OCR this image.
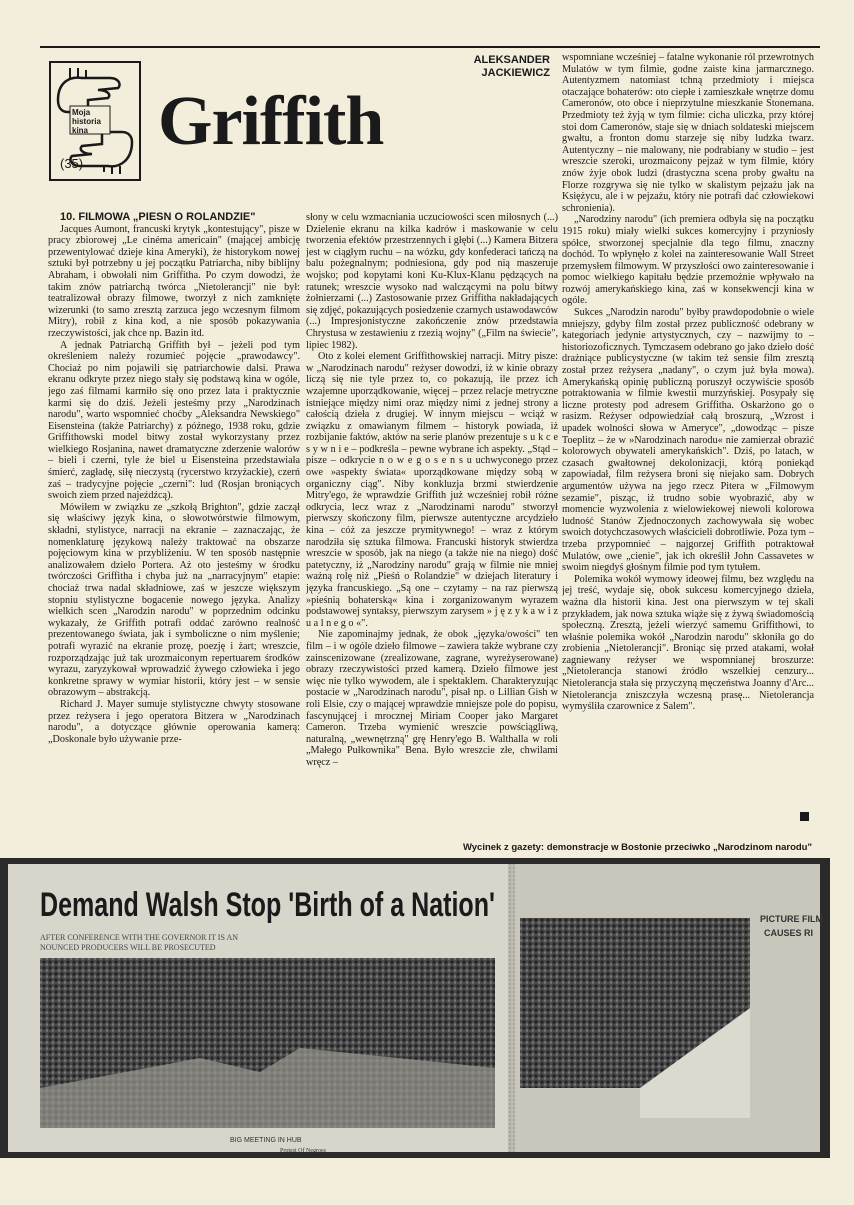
Moja
historia
kina
(35)
Griffith
ALEKSANDER
JACKIEWICZ

10. FILMOWA „PIEŚŃ O ROLANDZIE"

Jacques Aumont, francuski krytyk „kontestujący", pisze w pracy zbiorowej „Le cinéma americain" (mającej ambicję przewentylować dzieje kina Ameryki), że historykom nowej sztuki był potrzebny u jej początku Patriarcha, niby biblijny Abraham, i obwołali nim Griffitha. Po czym dowodzi, że takim znów patriarchą twórca „Nietolerancji" nie był: teatralizował obrazy filmowe, tworzył z nich zamknięte wizerunki (to samo zresztą zarzuca jego wczesnym filmom Mitry), robił z kina kod, a nie sposób pokazywania rzeczywistości, jak chce np. Bazin itd.

A jednak Patriarchą Griffith był – jeżeli pod tym określeniem należy rozumieć pojęcie „prawodawcy". Chociaż po nim pojawili się patriarchowie dalsi. Prawa ekranu odkryte przez niego stały się podstawą kina w ogóle, jego zaś filmami karmiło się ono przez lata i praktycznie karmi się do dziś. Jeżeli jesteśmy przy „Narodzinach narodu", warto wspomnieć choćby „Aleksandra Newskiego" Eisensteina (także Patriarchy) z późnego, 1938 roku, gdzie Griffithowski model bitwy został wykorzystany przez wielkiego Rosjanina, nawet dramatyczne zderzenie walorów – bieli i czerni, tyle że biel u Eisensteina przedstawiała śmierć, zagładę, siłę nieczystą (rycerstwo krzyżackie), czerń zaś – tradycyjne pojęcie „czerni": lud (Rosjan broniących swoich ziem przed najeźdźcą).

Mówiłem w związku ze „szkołą Brighton", gdzie zaczął się właściwy język kina, o słowotwórstwie filmowym, składni, stylistyce, narracji na ekranie – zaznaczając, że nomenklaturę językową należy traktować na obszarze pojęciowym kina w przybliżeniu. W ten sposób następnie analizowałem dzieło Portera. Aż oto jesteśmy w środku twórczości Griffitha i chyba już na „narracyjnym" etapie: chociaż trwa nadal składniowe, zaś w jeszcze większym stopniu stylistyczne bogacenie nowego języka. Analizy wielkich scen „Narodzin narodu" w poprzednim odcinku wykazały, że Griffith potrafi oddać zarówno realność prezentowanego świata, jak i symboliczne o nim myślenie; potrafi wyrazić na ekranie prozę, poezję i żart; wreszcie, rozporządzając już tak urozmaiconym repertuarem środków wyrazu, zaryzykował wprowadzić żywego człowieka i jego konkretne sprawy w wymiar historii, który jest – w sensie obrazowym – abstrakcją.

Richard J. Mayer sumuje stylistyczne chwyty stosowane przez reżysera i jego operatora Bitzera w „Narodzinach narodu", a dotyczące głównie operowania kamerą: „Doskonale było używanie prze-

słony w celu wzmacniania uczuciowości scen miłosnych (...) Dzielenie ekranu na kilka kadrów i maskowanie w celu tworzenia efektów przestrzennych i głębi (...) Kamera Bitzera jest w ciągłym ruchu – na wózku, gdy konfederaci tańczą na balu pożegnalnym; podniesiona, gdy pod nią maszeruje wojsko; pod kopytami koni Ku-Klux-Klanu pędzących na ratunek; wreszcie wysoko nad walczącymi na polu bitwy żołnierzami (...) Zastosowanie przez Griffitha nakładających się zdjęć, pokazujących posiedzenie czarnych ustawodawców (...) Impresjonistyczne zakończenie znów przedstawia Chrystusa w zestawieniu z rzezią wojny" („Film na świecie", lipiec 1982).

Oto z kolei element Griffithowskiej narracji. Mitry pisze: w „Narodzinach narodu" reżyser dowodzi, iż w kinie obrazy liczą się nie tyle przez to, co pokazują, ile przez ich wzajemne uporządkowanie, więcej – przez relacje metryczne istniejące między nimi oraz między nimi z jednej strony a całością dzieła z drugiej. W innym miejscu – wciąż w związku z omawianym filmem – historyk powiada, iż rozbijanie faktów, aktów na serie planów prezentuje s u k c e s y w n i e – podkreśla – pewne wybrane ich aspekty. „Stąd – pisze – odkrycie n o w e g o s e n s u uchwyconego przez owe »aspekty świata« uporządkowane między sobą w organiczny ciąg". Niby konkluzja brzmi stwierdzenie Mitry'ego, że wprawdzie Griffith już wcześniej robił różne odkrycia, lecz wraz z „Narodzinami narodu" stworzył pierwszy skończony film, pierwsze autentyczne arcydzieło kina – cóż za jeszcze prymitywnego! – wraz z którym narodziła się sztuka filmowa. Francuski historyk stwierdza wreszcie w sposób, jak na niego (a także nie na niego) dość patetyczny, iż „Narodziny narodu" grają w filmie nie mniej ważną rolę niż „Pieśń o Rolandzie" w dziejach literatury i języka francuskiego. „Są one – czytamy – na raz pierwszą »pieśnią bohaterską« kina i zorganizowanym wyrazem podstawowej syntaksy, pierwszym zarysem » j ę z y k a w i z u a l n e g o «".

Nie zapominajmy jednak, że obok „języka/owości" ten film – i w ogóle dzieło filmowe – zawiera także wybrane czy zainscenizowane (zrealizowane, zagrane, wyreżyserowane) obrazy rzeczywistości przed kamerą. Dzieło filmowe jest więc nie tylko wywodem, ale i spektaklem. Charakteryzując postacie w „Narodzinach narodu", pisał np. o Lillian Gish w roli Elsie, czy o mającej wprawdzie mniejsze pole do popisu, fascynującej i mrocznej Miriam Cooper jako Margaret Cameron. Trzeba wymienić wreszcie powściągliwą, naturalną, „wewnętrzną" grę Henry'ego B. Walthalla w roli „Małego Pułkownika" Bena. Było wreszcie złe, chwilami wręcz –

wspomniane wcześniej – fatalne wykonanie ról przewrotnych Mulatów w tym filmie, godne zaiste kina jarmarcznego. Autentyzmem natomiast tchną przedmioty i miejsca otaczające bohaterów: oto ciepłe i zamieszkałe wnętrze domu Cameronów, oto obce i nieprzytulne mieszkanie Stonemana. Przedmioty też żyją w tym filmie: cicha uliczka, przy której stoi dom Cameronów, staje się w dniach soldateski miejscem gwałtu, a fronton domu starzeje się niby ludzka twarz. Autentyczny – nie malowany, nie podrabiany w studio – jest wreszcie szeroki, urozmaicony pejzaż w tym filmie, który znów żyje obok ludzi (drastyczna scena proby gwałtu na Florze rozgrywa się nie tylko w skalistym pejzażu jak na Księżycu, ale i w pejzażu, który nie potrafi dać człowiekowi schronienia).

„Narodziny narodu" (ich premiera odbyła się na początku 1915 roku) miały wielki sukces komercyjny i przyniosły spółce, stworzonej specjalnie dla tego filmu, znaczny dochód. To wpłynęło z kolei na zainteresowanie Wall Street przemysłem filmowym. W przyszłości owo zainteresowanie i pomoc wielkiego kapitału będzie przemożnie wpływało na rozwój amerykańskiego kina, zaś w konsekwencji kina w ogóle.

Sukces „Narodzin narodu" byłby prawdopodobnie o wiele mniejszy, gdyby film został przez publiczność odebrany w kategoriach jedynie artystycznych, czy – nazwijmy to – historiozoficznych. Tymczasem odebrano go jako dzieło dość drażniące publicystyczne (w takim też sensie film zresztą został przez reżysera „nadany", o czym już była mowa). Amerykańską opinię publiczną poruszył oczywiście sposób potraktowania w filmie kwestii murzyńskiej. Posypały się liczne protesty pod adresem Griffitha. Oskarżono go o rasizm. Reżyser odpowiedział całą broszurą, „Wzrost i upadek wolności słowa w Ameryce", „dowodząc – pisze Toeplitz – że w »Narodzinach narodu« nie zamierzał obrazić kolorowych obywateli amerykańskich". Dziś, po latach, w czasach gwałtownej dekolonizacji, którą poniekąd zapowiadał, film reżysera broni się niejako sam. Dobrych argumentów używa na jego rzecz Pitera w „Filmowym sezamie", pisząc, iż trudno sobie wyobrazić, aby w momencie wyzwolenia z wielowiekowej niewoli kolorowa ludność Stanów Zjednoczonych zachowywała się wobec swoich dotychczasowych właścicieli dobrotliwie. Poza tym – trzeba przypomnieć – najgorzej Griffith potraktował Mulatów, owe „cienie", jak ich określił John Cassavetes w swoim niegdyś głośnym filmie pod tym tytułem.

Polemika wokół wymowy ideowej filmu, bez względu na jej treść, wydaje się, obok sukcesu komercyjnego dzieła, ważna dla historii kina. Jest ona pierwszym w tej skali przykładem, jak nowa sztuka wiąże się z żywą świadomością społeczną. Zresztą, jeżeli wierzyć samemu Griffithowi, to właśnie polemika wokół „Narodzin narodu" skłoniła go do zrobienia „Nietolerancji". Broniąc się przed atakami, wołał zagniewany reżyser we wspomnianej broszurze: „Nietolerancja stanowi źródło wszelkiej cenzury... Nietolerancja stała się przyczyną męczeństwa Joanny d'Arc... Nietolerancja zniszczyła wczesną prasę... Nietolerancja wymyśliła czarownice z Salem".

Wycinek z gazety: demonstracje w Bostonie przeciwko „Narodzinom narodu"
Demand Walsh Stop 'Birth of a Nation'
AFTER CONFERENCE WITH THE GOVERNOR IT IS AN
NOUNCED PRODUCERS WILL BE PROSECUTED
PICTURE FILM
CAUSES RI
BIG MEETING IN HUB
Protest Of Negroes
